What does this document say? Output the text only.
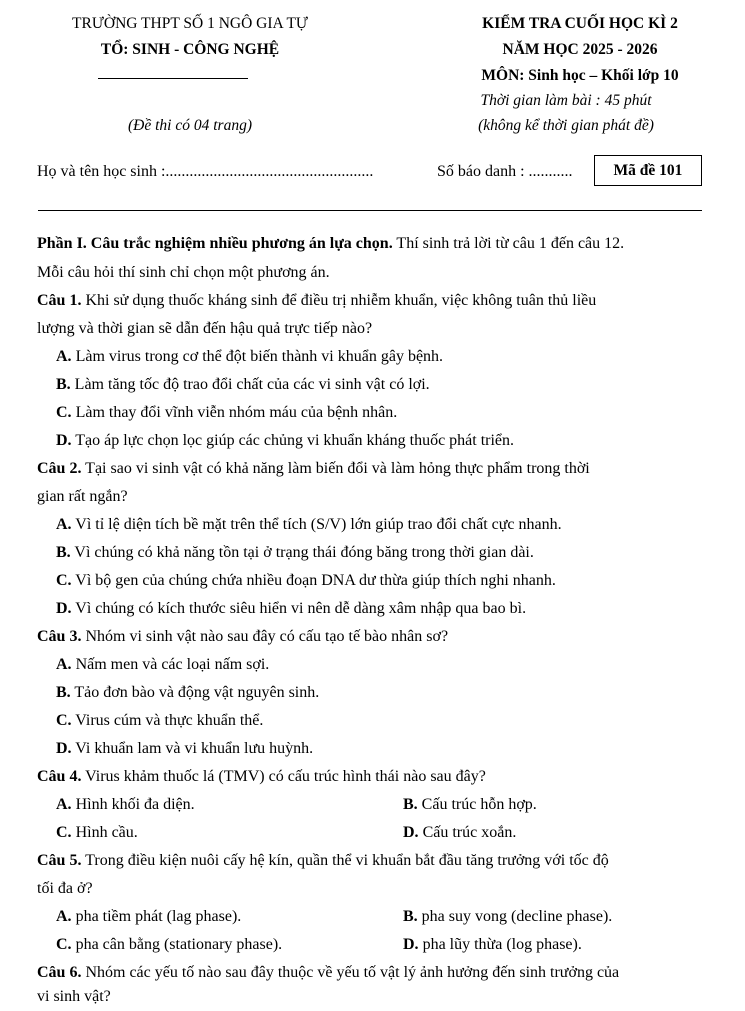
TRƯỜNG THPT SỐ 1 NGÔ GIA TỰ
TỔ: SINH - CÔNG NGHỆ
(Đề thi có 04 trang)
KIỂM TRA CUỐI HỌC KÌ 2
NĂM HỌC 2025 - 2026
MÔN: Sinh học – Khối lớp 10
Thời gian làm bài : 45 phút
(không kể thời gian phát đề)
Họ và tên học sinh :....................................................	Số báo danh : ...........	Mã đề 101
Phần I. Câu trắc nghiệm nhiều phương án lựa chọn. Thí sinh trả lời từ câu 1 đến câu 12.
Mỗi câu hỏi thí sinh chỉ chọn một phương án.
Câu 1. Khi sử dụng thuốc kháng sinh để điều trị nhiễm khuẩn, việc không tuân thủ liều
lượng và thời gian sẽ dẫn đến hậu quả trực tiếp nào?
A. Làm virus trong cơ thể đột biến thành vi khuẩn gây bệnh.
B. Làm tăng tốc độ trao đổi chất của các vi sinh vật có lợi.
C. Làm thay đổi vĩnh viễn nhóm máu của bệnh nhân.
D. Tạo áp lực chọn lọc giúp các chủng vi khuẩn kháng thuốc phát triển.
Câu 2. Tại sao vi sinh vật có khả năng làm biến đổi và làm hỏng thực phẩm trong thời
gian rất ngắn?
A. Vì tỉ lệ diện tích bề mặt trên thể tích (S/V) lớn giúp trao đổi chất cực nhanh.
B. Vì chúng có khả năng tồn tại ở trạng thái đóng băng trong thời gian dài.
C. Vì bộ gen của chúng chứa nhiều đoạn DNA dư thừa giúp thích nghi nhanh.
D. Vì chúng có kích thước siêu hiển vi nên dễ dàng xâm nhập qua bao bì.
Câu 3. Nhóm vi sinh vật nào sau đây có cấu tạo tế bào nhân sơ?
A. Nấm men và các loại nấm sợi.
B. Tảo đơn bào và động vật nguyên sinh.
C. Virus cúm và thực khuẩn thể.
D. Vi khuẩn lam và vi khuẩn lưu huỳnh.
Câu 4. Virus khảm thuốc lá (TMV) có cấu trúc hình thái nào sau đây?
A. Hình khối đa diện.	B. Cấu trúc hỗn hợp.
C. Hình cầu.	D. Cấu trúc xoắn.
Câu 5. Trong điều kiện nuôi cấy hệ kín, quần thể vi khuẩn bắt đầu tăng trưởng với tốc độ
tối đa ở?
A. pha tiềm phát (lag phase).	B. pha suy vong (decline phase).
C. pha cân bằng (stationary phase).	D. pha lũy thừa (log phase).
Câu 6. Nhóm các yếu tố nào sau đây thuộc về yếu tố vật lý ảnh hưởng đến sinh trưởng của
vi sinh vật?
